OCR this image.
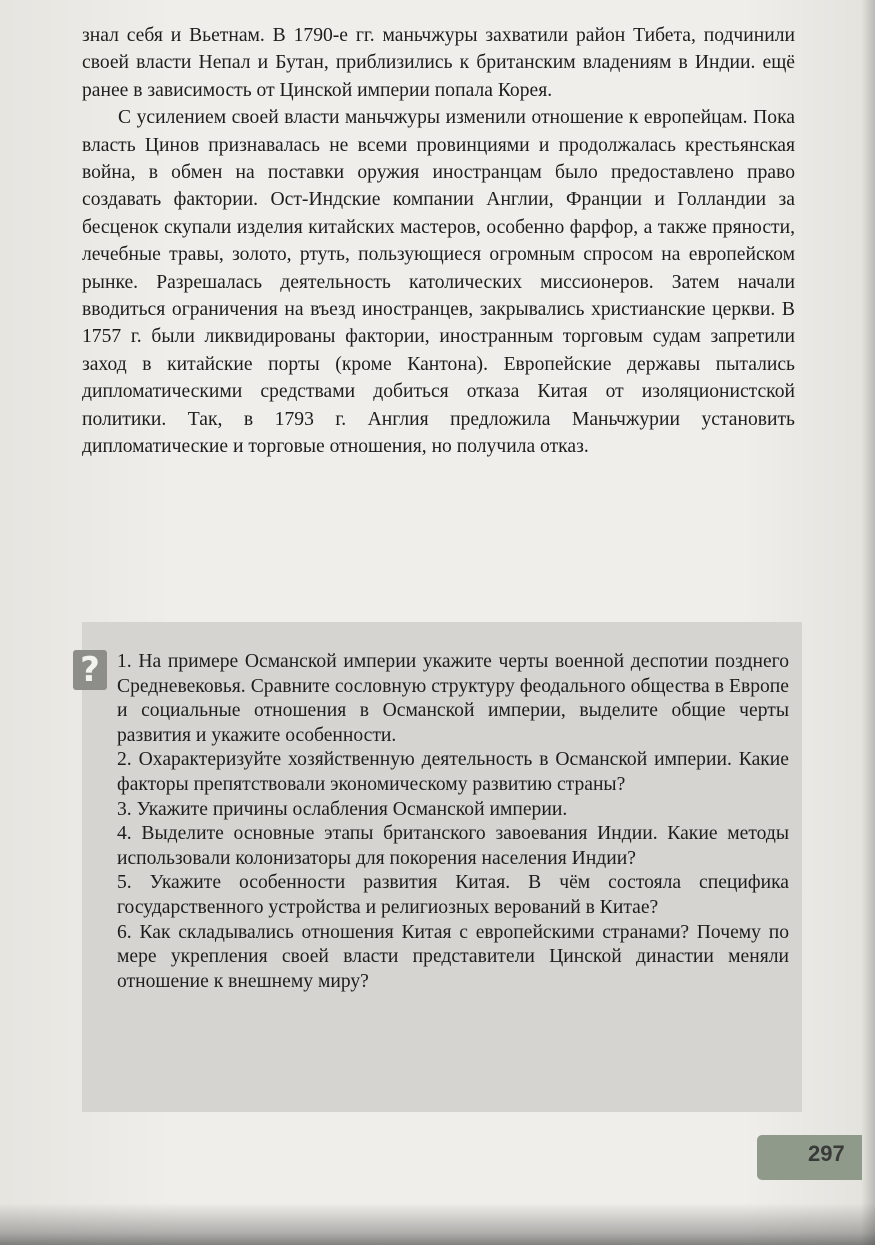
знал себя и Вьетнам. В 1790-е гг. маньчжуры захватили район Тибета, подчинили своей власти Непал и Бутан, приблизились к британским владениям в Индии. ещё ранее в зависимость от Цинской империи попала Корея.

С усилением своей власти маньчжуры изменили отношение к европейцам. Пока власть Цинов признавалась не всеми провинциями и продолжалась крестьянская война, в обмен на поставки оружия иностранцам было предоставлено право создавать фактории. Ост-Индские компании Англии, Франции и Голландии за бесценок скупали изделия китайских мастеров, особенно фарфор, а также пряности, лечебные травы, золото, ртуть, пользующиеся огромным спросом на европейском рынке. Разрешалась деятельность католических миссионеров. Затем начали вводиться ограничения на въезд иностранцев, закрывались христианские церкви. В 1757 г. были ликвидированы фактории, иностранным торговым судам запретили заход в китайские порты (кроме Кантона). Европейские державы пытались дипломатическими средствами добиться отказа Китая от изоляционистской политики. Так, в 1793 г. Англия предложила Маньчжурии установить дипломатические и торговые отношения, но получила отказ.

? 1. На примере Османской империи укажите черты военной деспотии позднего Средневековья. Сравните сословную структуру феодального общества в Европе и социальные отношения в Османской империи, выделите общие черты развития и укажите особенности.
2. Охарактеризуйте хозяйственную деятельность в Османской империи. Какие факторы препятствовали экономическому развитию страны?
3. Укажите причины ослабления Османской империи.
4. Выделите основные этапы британского завоевания Индии. Какие методы использовали колонизаторы для покорения населения Индии?
5. Укажите особенности развития Китая. В чём состояла специфика государственного устройства и религиозных верований в Китае?
6. Как складывались отношения Китая с европейскими странами? Почему по мере укрепления своей власти представители Цинской династии меняли отношение к внешнему миру?
297
